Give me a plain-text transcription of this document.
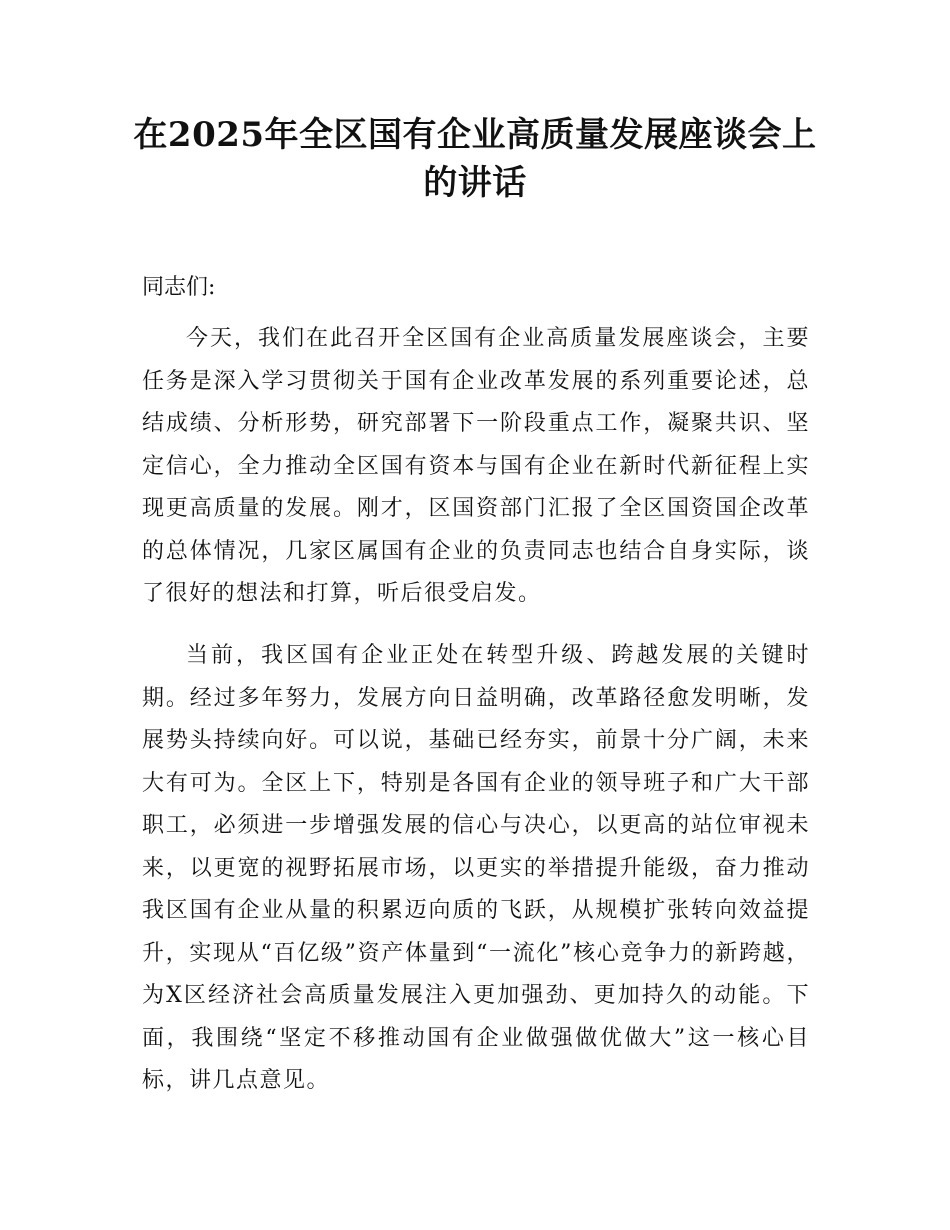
在2025年全区国有企业高质量发展座谈会上
的讲话

同志们:

今天，我们在此召开全区国有企业高质量发展座谈会，主要任务是深入学习贯彻关于国有企业改革发展的系列重要论述，总结成绩、分析形势，研究部署下一阶段重点工作，凝聚共识、坚定信心，全力推动全区国有资本与国有企业在新时代新征程上实现更高质量的发展。刚才，区国资部门汇报了全区国资国企改革的总体情况，几家区属国有企业的负责同志也结合自身实际，谈了很好的想法和打算，听后很受启发。

当前，我区国有企业正处在转型升级、跨越发展的关键时期。经过多年努力，发展方向日益明确，改革路径愈发明晰，发展势头持续向好。可以说，基础已经夯实，前景十分广阔，未来大有可为。全区上下，特别是各国有企业的领导班子和广大干部职工，必须进一步增强发展的信心与决心，以更高的站位审视未来，以更宽的视野拓展市场，以更实的举措提升能级，奋力推动我区国有企业从量的积累迈向质的飞跃，从规模扩张转向效益提升，实现从“百亿级”资产体量到“一流化”核心竞争力的新跨越，为X区经济社会高质量发展注入更加强劲、更加持久的动能。下面，我围绕“坚定不移推动国有企业做强做优做大”这一核心目标，讲几点意见。
